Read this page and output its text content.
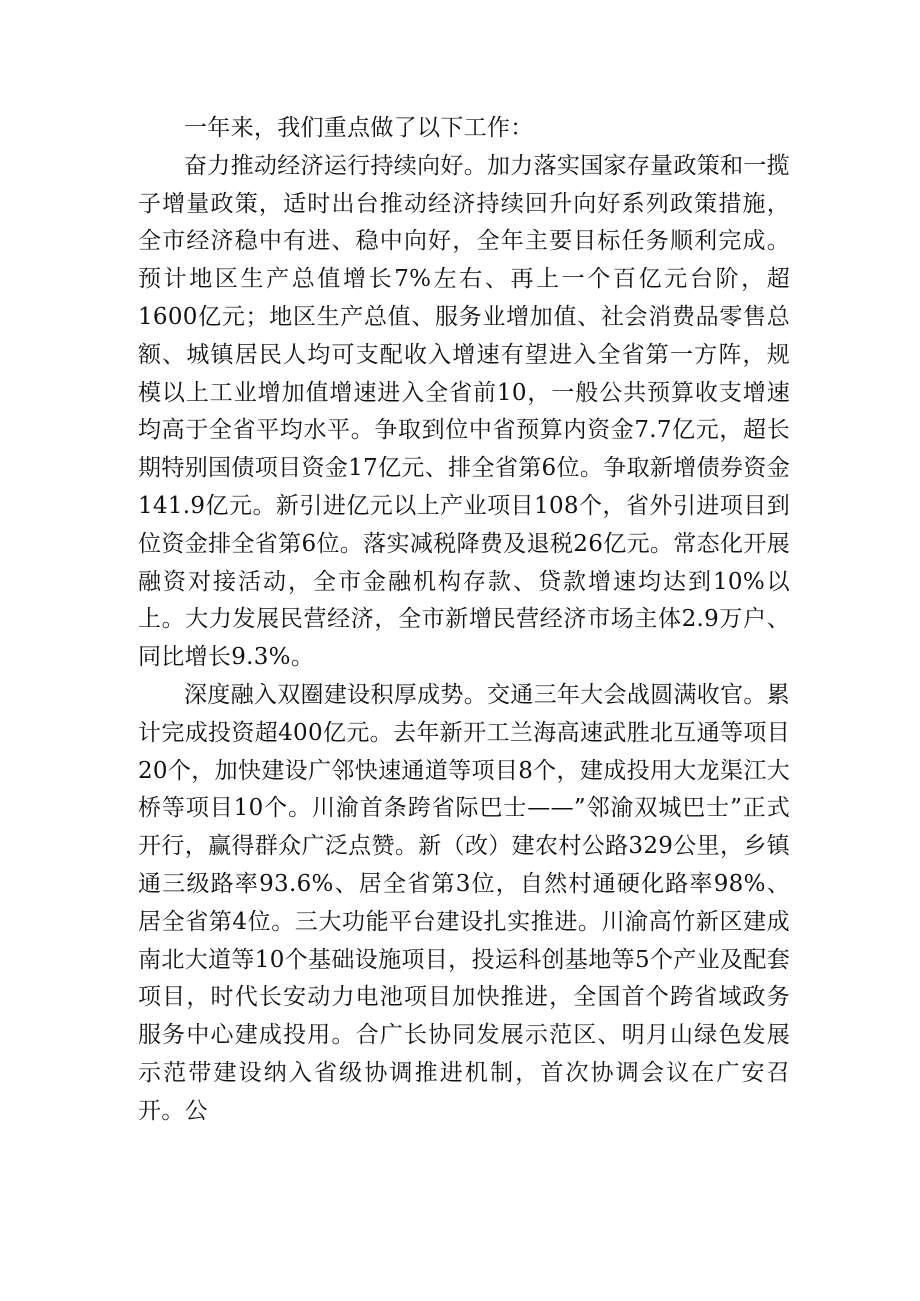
一年来，我们重点做了以下工作：

奋力推动经济运行持续向好。加力落实国家存量政策和一揽子增量政策，适时出台推动经济持续回升向好系列政策措施，全市经济稳中有进、稳中向好，全年主要目标任务顺利完成。预计地区生产总值增长7%左右、再上一个百亿元台阶，超1600亿元；地区生产总值、服务业增加值、社会消费品零售总额、城镇居民人均可支配收入增速有望进入全省第一方阵，规模以上工业增加值增速进入全省前10，一般公共预算收支增速均高于全省平均水平。争取到位中省预算内资金7.7亿元，超长期特别国债项目资金17亿元、排全省第6位。争取新增债券资金141.9亿元。新引进亿元以上产业项目108个，省外引进项目到位资金排全省第6位。落实减税降费及退税26亿元。常态化开展融资对接活动，全市金融机构存款、贷款增速均达到10%以上。大力发展民营经济，全市新增民营经济市场主体2.9万户、同比增长9.3%。

深度融入双圈建设积厚成势。交通三年大会战圆满收官。累计完成投资超400亿元。去年新开工兰海高速武胜北互通等项目20个，加快建设广邻快速通道等项目8个，建成投用大龙渠江大桥等项目10个。川渝首条跨省际巴士——”邻渝双城巴士”正式开行，赢得群众广泛点赞。新（改）建农村公路329公里，乡镇通三级路率93.6%、居全省第3位，自然村通硬化路率98%、居全省第4位。三大功能平台建设扎实推进。川渝高竹新区建成南北大道等10个基础设施项目，投运科创基地等5个产业及配套项目，时代长安动力电池项目加快推进，全国首个跨省域政务服务中心建成投用。合广长协同发展示范区、明月山绿色发展示范带建设纳入省级协调推进机制，首次协调会议在广安召开。公
